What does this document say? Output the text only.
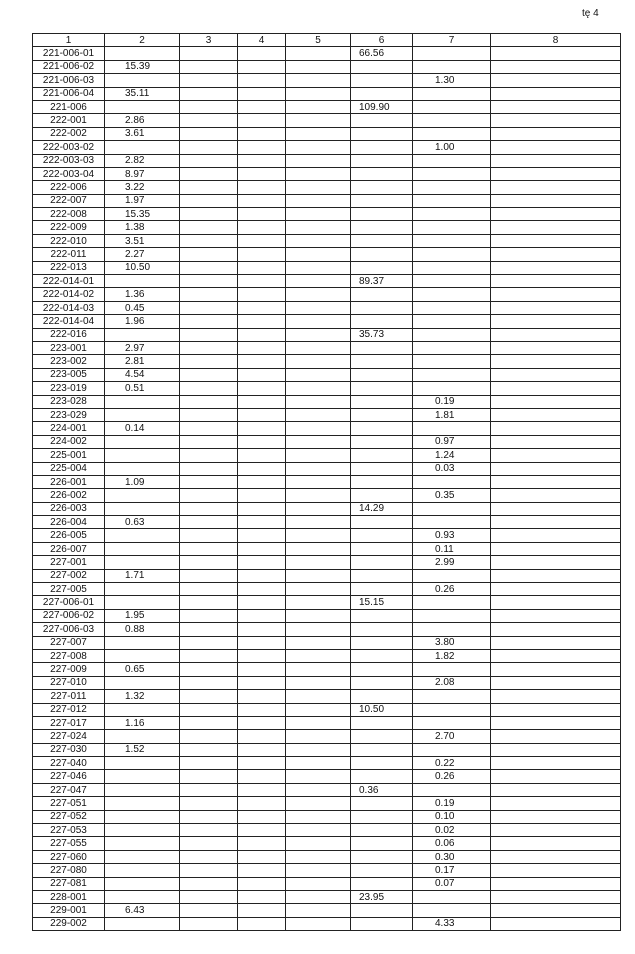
tę 4
1	2	3	4	5	6	7	8
221-006-01					66.56		
221-006-02	15.39						
221-006-03						1.30	
221-006-04	35.11						
221-006					109.90		
222-001	2.86						
222-002	3.61						
222-003-02						1.00	
222-003-03	2.82						
222-003-04	8.97						
222-006	3.22						
222-007	1.97						
222-008	15.35						
222-009	1.38						
222-010	3.51						
222-011	2.27						
222-013	10.50						
222-014-01					89.37		
222-014-02	1.36						
222-014-03	0.45						
222-014-04	1.96						
222-016					35.73		
223-001	2.97						
223-002	2.81						
223-005	4.54						
223-019	0.51						
223-028						0.19	
223-029						1.81	
224-001	0.14						
224-002						0.97	
225-001						1.24	
225-004						0.03	
226-001	1.09						
226-002						0.35	
226-003					14.29		
226-004	0.63						
226-005						0.93	
226-007						0.11	
227-001						2.99	
227-002	1.71						
227-005						0.26	
227-006-01					15.15		
227-006-02	1.95						
227-006-03	0.88						
227-007						3.80	
227-008						1.82	
227-009	0.65						
227-010						2.08	
227-011	1.32						
227-012					10.50		
227-017	1.16						
227-024						2.70	
227-030	1.52						
227-040						0.22	
227-046						0.26	
227-047					0.36		
227-051						0.19	
227-052						0.10	
227-053						0.02	
227-055						0.06	
227-060						0.30	
227-080						0.17	
227-081						0.07	
228-001					23.95		
229-001	6.43						
229-002						4.33	
